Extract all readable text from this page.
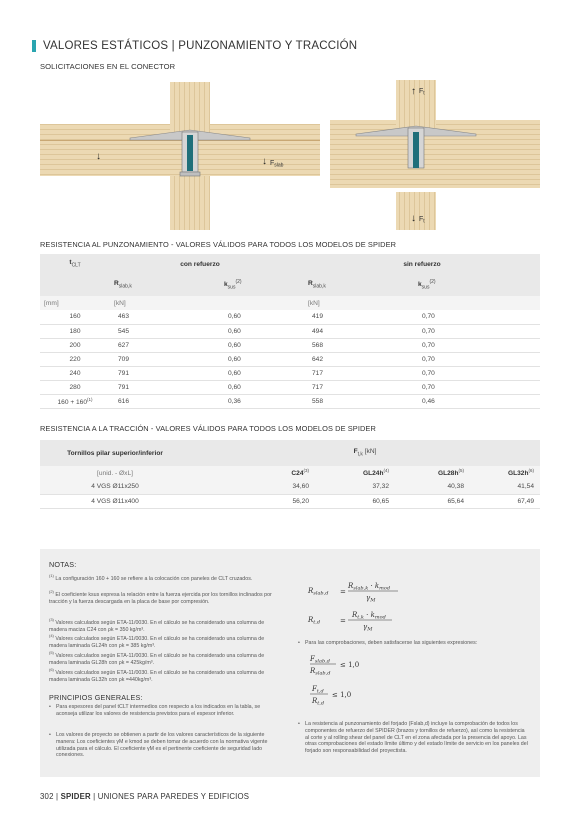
VALORES ESTÁTICOS | PUNZONAMIENTO Y TRACCIÓN
SOLICITACIONES EN EL CONECTOR
↓	↓ $F_{slab}$
↑ $F_t$
↓ $F_t$
RESISTENCIA AL PUNZONAMIENTO - VALORES VÁLIDOS PARA TODOS LOS MODELOS DE SPIDER
$t_{CLT}$	con refuerzo			sin refuerzo	
	$R_{slab,k}$	$k_{sus}^{(2)}$		$R_{slab,k}$	$k_{sus}^{(2)}$
[mm]	[kN]			[kN]	
160	463	0,60		419	0,70
180	545	0,60		494	0,70
200	627	0,60		568	0,70
220	709	0,60		642	0,70
240	791	0,60		717	0,70
280	791	0,60		717	0,70
$160 + 160^{(1)}$	616	0,36		558	0,46
RESISTENCIA A LA TRACCIÓN - VALORES VÁLIDOS PARA TODOS LOS MODELOS DE SPIDER
Tornillos pilar superior/inferior	$F_{t,k}$ [kN]			
[unid. - ØxL]	C24$^{(3)}$	$GL24h^{(4)}$	$GL28h^{(5)}$	$GL32h^{(6)}$
4 VGS Ø11x250	34,60	37,32	40,38	41,54
4 VGS Ø11x400	56,20	60,65	65,64	67,49
NOTAS:
$^{(1)}$ La configuración 160 + 160 se refiere a la colocación con paneles de CLT cruzados.
$^{(2)}$ El coeficiente ksus expresa la relación entre la fuerza ejercida por los tornillos inclinados por tracción y la fuerza descargada en la placa de base por compresión.
$^{(3)}$ Valores calculados según ETA-11/0030. En el cálculo se ha considerado una columna de madera maciza C24 con ρk = 350 kg/m³.
$^{(4)}$ Valores calculados según ETA-11/0030. En el cálculo se ha considerado una columna de madera laminada GL24h con ρk = 385 kg/m³.
$^{(5)}$ Valores calculados según ETA-11/0030. En el cálculo se ha considerado una columna de madera laminada GL28h con ρk = 425kg/m³.
$^{(6)}$ Valores calculados según ETA-11/0030. En el cálculo se ha considerado una columna de madera laminada GL32h con ρk =440kg/m³.
PRINCIPIOS GENERALES:
• Para espesores del panel tCLT intermedios con respecto a los indicados en la tabla, se aconseja utilizar los valores de resistencia previstos para el espesor inferior.
• Los valores de proyecto se obtienen a partir de los valores característicos de la siguiente manera: Los coeficientes γM e kmod se deben tomar de acuerdo con la normativa vigente utilizada para el cálculo. El coeficiente γM es el pertinente coeficiente de seguridad lado conexiones.
$R_{slab,d}$ =
$R_{slab,k} \cdot k_{mod}$
$\gamma_M$
$R_{t,d}$	=
$R_{t,k} \cdot k_{mod}$
$\gamma_M$
• Para las comprobaciones, deben satisfacerse las siguientes expresiones:
$F_{slab,d}$
$R_{slab,d}$
≤ 1,0
$F_{t,d}$
$R_{t,d}$
≤ 1,0
• La resistencia al punzonamiento del forjado (Fslab,d) incluye la comprobación de todos los componentes de refuerzo del SPIDER (brazos y tornillos de refuerzo), así como la resistencia al corte y al rolling shear del panel de CLT en el zona afectada por la presencia del apoyo. Las otras comprobaciones del estado límite último y del estado límite de servicio en los paneles del forjado son responsabilidad del proyectista.
302 | SPIDER | UNIONES PARA PAREDES Y EDIFICIOS
